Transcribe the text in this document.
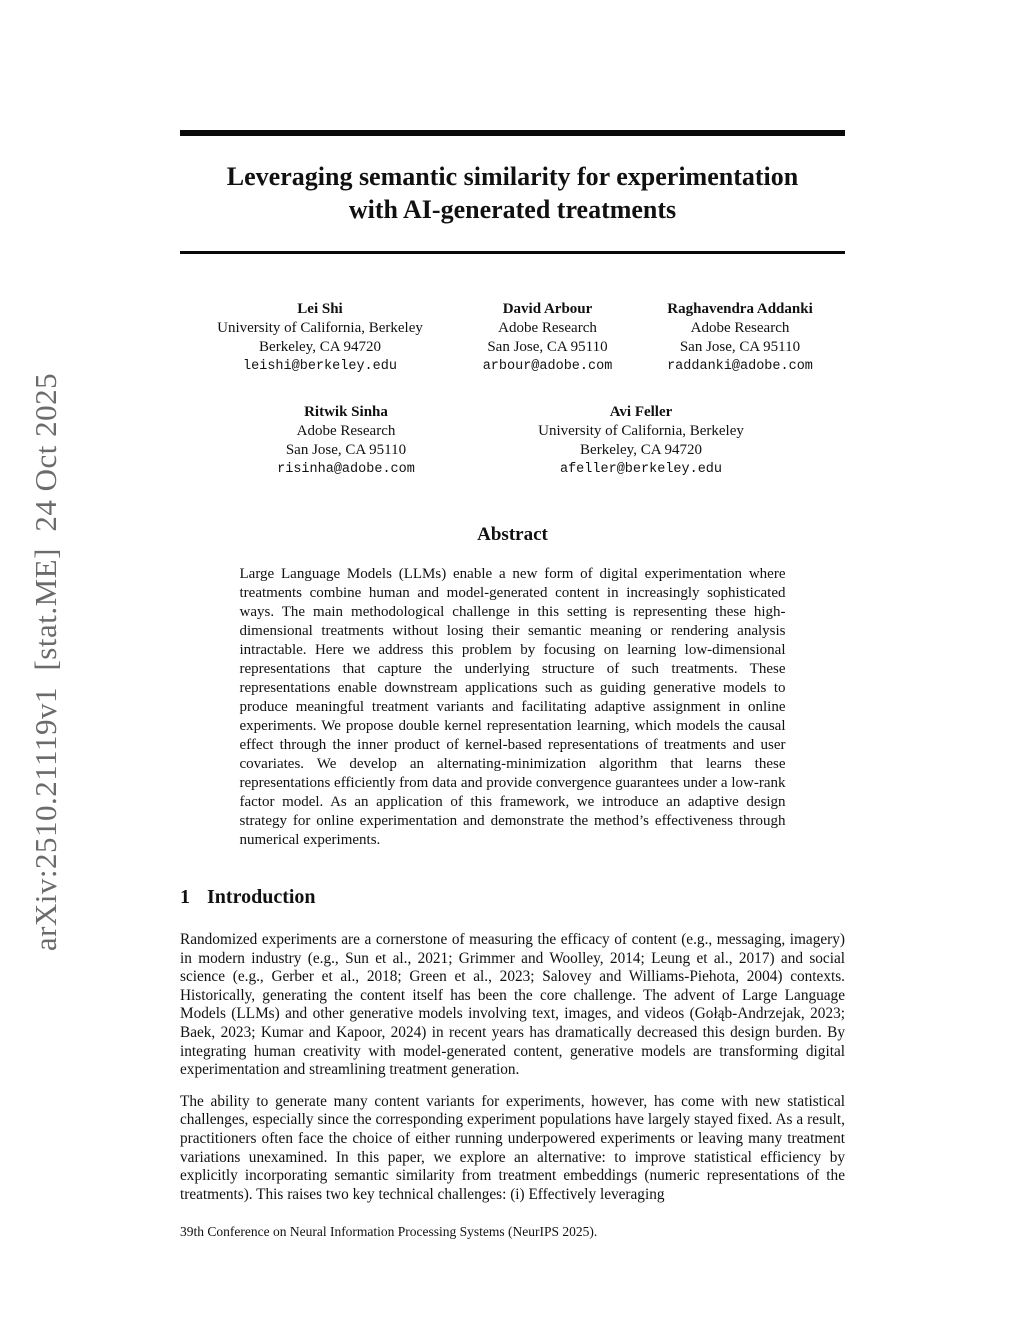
arXiv:2510.21119v1  [stat.ME]  24 Oct 2025
Leveraging semantic similarity for experimentation
with AI-generated treatments
Lei Shi
University of California, Berkeley
Berkeley, CA 94720
leishi@berkeley.edu
David Arbour
Adobe Research
San Jose, CA 95110
arbour@adobe.com
Raghavendra Addanki
Adobe Research
San Jose, CA 95110
raddanki@adobe.com
Ritwik Sinha
Adobe Research
San Jose, CA 95110
risinha@adobe.com
Avi Feller
University of California, Berkeley
Berkeley, CA 94720
afeller@berkeley.edu
Abstract

Large Language Models (LLMs) enable a new form of digital experimentation where treatments combine human and model-generated content in increasingly sophisticated ways. The main methodological challenge in this setting is representing these high-dimensional treatments without losing their semantic meaning or rendering analysis intractable. Here we address this problem by focusing on learning low-dimensional representations that capture the underlying structure of such treatments. These representations enable downstream applications such as guiding generative models to produce meaningful treatment variants and facilitating adaptive assignment in online experiments. We propose double kernel representation learning, which models the causal effect through the inner product of kernel-based representations of treatments and user covariates. We develop an alternating-minimization algorithm that learns these representations efficiently from data and provide convergence guarantees under a low-rank factor model. As an application of this framework, we introduce an adaptive design strategy for online experimentation and demonstrate the method’s effectiveness through numerical experiments.

1 Introduction

Randomized experiments are a cornerstone of measuring the efficacy of content (e.g., messaging, imagery) in modern industry (e.g., Sun et al., 2021; Grimmer and Woolley, 2014; Leung et al., 2017) and social science (e.g., Gerber et al., 2018; Green et al., 2023; Salovey and Williams-Piehota, 2004) contexts. Historically, generating the content itself has been the core challenge. The advent of Large Language Models (LLMs) and other generative models involving text, images, and videos (Gołąb-Andrzejak, 2023; Baek, 2023; Kumar and Kapoor, 2024) in recent years has dramatically decreased this design burden. By integrating human creativity with model-generated content, generative models are transforming digital experimentation and streamlining treatment generation.

The ability to generate many content variants for experiments, however, has come with new statistical challenges, especially since the corresponding experiment populations have largely stayed fixed. As a result, practitioners often face the choice of either running underpowered experiments or leaving many treatment variations unexamined. In this paper, we explore an alternative: to improve statistical efficiency by explicitly incorporating semantic similarity from treatment embeddings (numeric representations of the treatments). This raises two key technical challenges: (i) Effectively leveraging

39th Conference on Neural Information Processing Systems (NeurIPS 2025).
